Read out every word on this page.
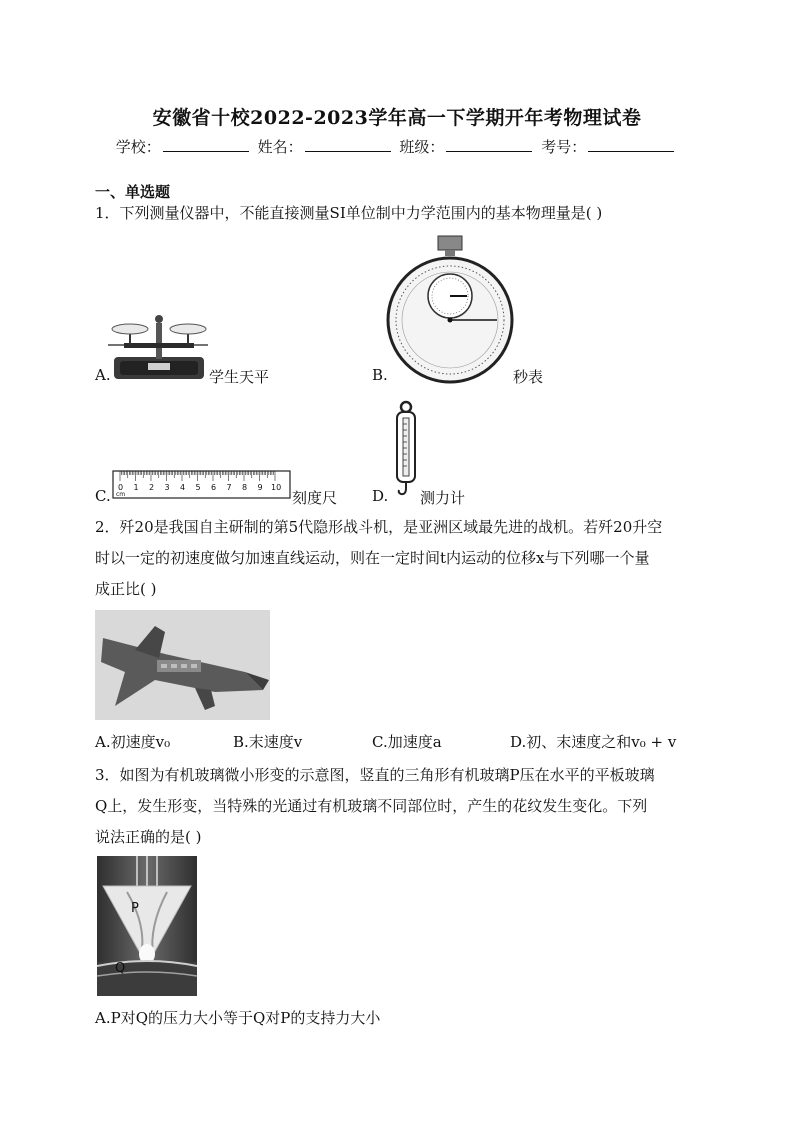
安徽省十校2022-2023学年高一下学期开年考物理试卷
学校：	姓名：	班级：	考号：
一、单选题
1．下列测量仪器中，不能直接测量SI单位制中力学范围内的基本物理量是( )
A.	学生天平	B.	秒表
C. 0 1 2 3 4 5 6 7 8 9 10
cm	刻度尺 D. 测力计
2．歼20是我国自主研制的第5代隐形战斗机，是亚洲区域最先进的战机。若歼20升空
时以一定的初速度做匀加速直线运动，则在一定时间t内运动的位移x与下列哪一个量
成正比( )
A.初速度v₀	B.末速度v	C.加速度a	D.初、末速度之和v₀ + v
3．如图为有机玻璃微小形变的示意图，竖直的三角形有机玻璃P压在水平的平板玻璃
Q上，发生形变，当特殊的光通过有机玻璃不同部位时，产生的花纹发生变化。下列
说法正确的是( )
P
Q
A.P对Q的压力大小等于Q对P的支持力大小
